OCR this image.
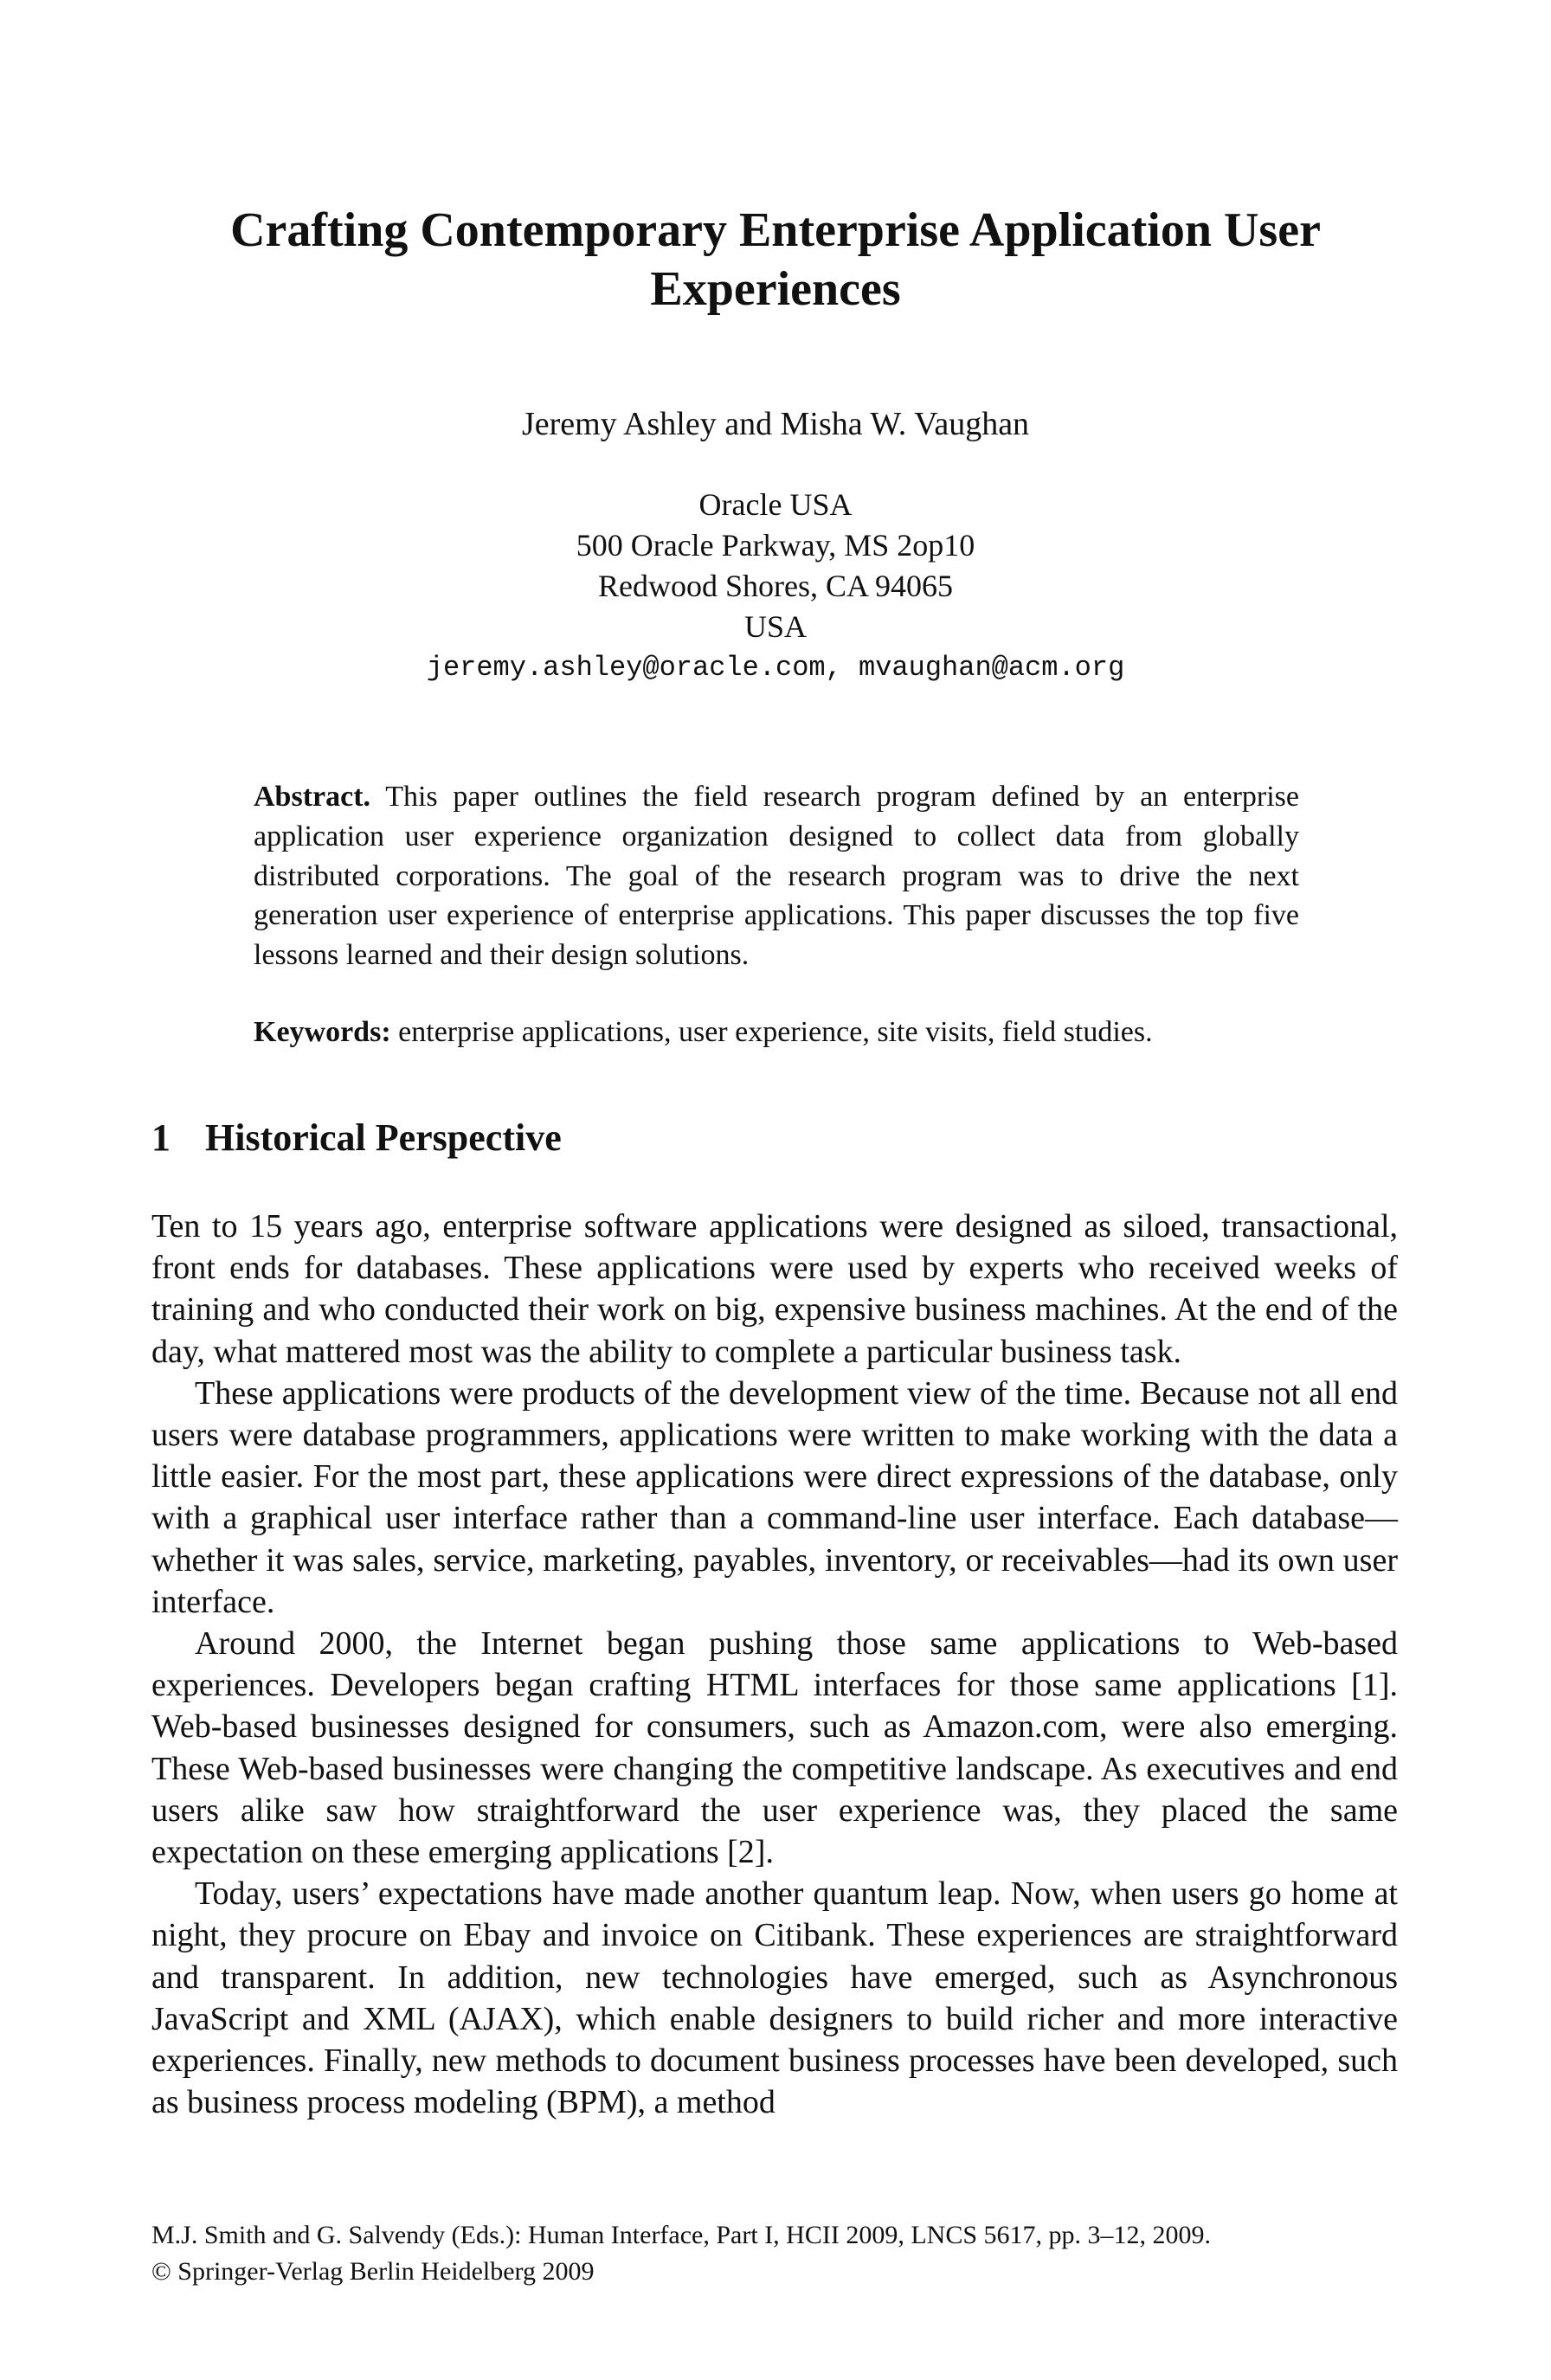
Crafting Contemporary Enterprise Application User Experiences
Jeremy Ashley and Misha W. Vaughan
Oracle USA
500 Oracle Parkway, MS 2op10
Redwood Shores, CA 94065
USA
jeremy.ashley@oracle.com, mvaughan@acm.org

Abstract. This paper outlines the field research program defined by an enterprise application user experience organization designed to collect data from globally distributed corporations. The goal of the research program was to drive the next generation user experience of enterprise applications. This paper discusses the top five lessons learned and their design solutions.

Keywords: enterprise applications, user experience, site visits, field studies.

1 Historical Perspective

Ten to 15 years ago, enterprise software applications were designed as siloed, transactional, front ends for databases. These applications were used by experts who received weeks of training and who conducted their work on big, expensive business machines. At the end of the day, what mattered most was the ability to complete a particular business task.

These applications were products of the development view of the time. Because not all end users were database programmers, applications were written to make working with the data a little easier. For the most part, these applications were direct expressions of the database, only with a graphical user interface rather than a command-line user interface. Each database—whether it was sales, service, marketing, payables, inventory, or receivables—had its own user interface.

Around 2000, the Internet began pushing those same applications to Web-based experiences. Developers began crafting HTML interfaces for those same applications [1]. Web-based businesses designed for consumers, such as Amazon.com, were also emerging. These Web-based businesses were changing the competitive landscape. As executives and end users alike saw how straightforward the user experience was, they placed the same expectation on these emerging applications [2].

Today, users’ expectations have made another quantum leap. Now, when users go home at night, they procure on Ebay and invoice on Citibank. These experiences are straightforward and transparent. In addition, new technologies have emerged, such as Asynchronous JavaScript and XML (AJAX), which enable designers to build richer and more interactive experiences. Finally, new methods to document business processes have been developed, such as business process modeling (BPM), a method

M.J. Smith and G. Salvendy (Eds.): Human Interface, Part I, HCII 2009, LNCS 5617, pp. 3–12, 2009.
© Springer-Verlag Berlin Heidelberg 2009
